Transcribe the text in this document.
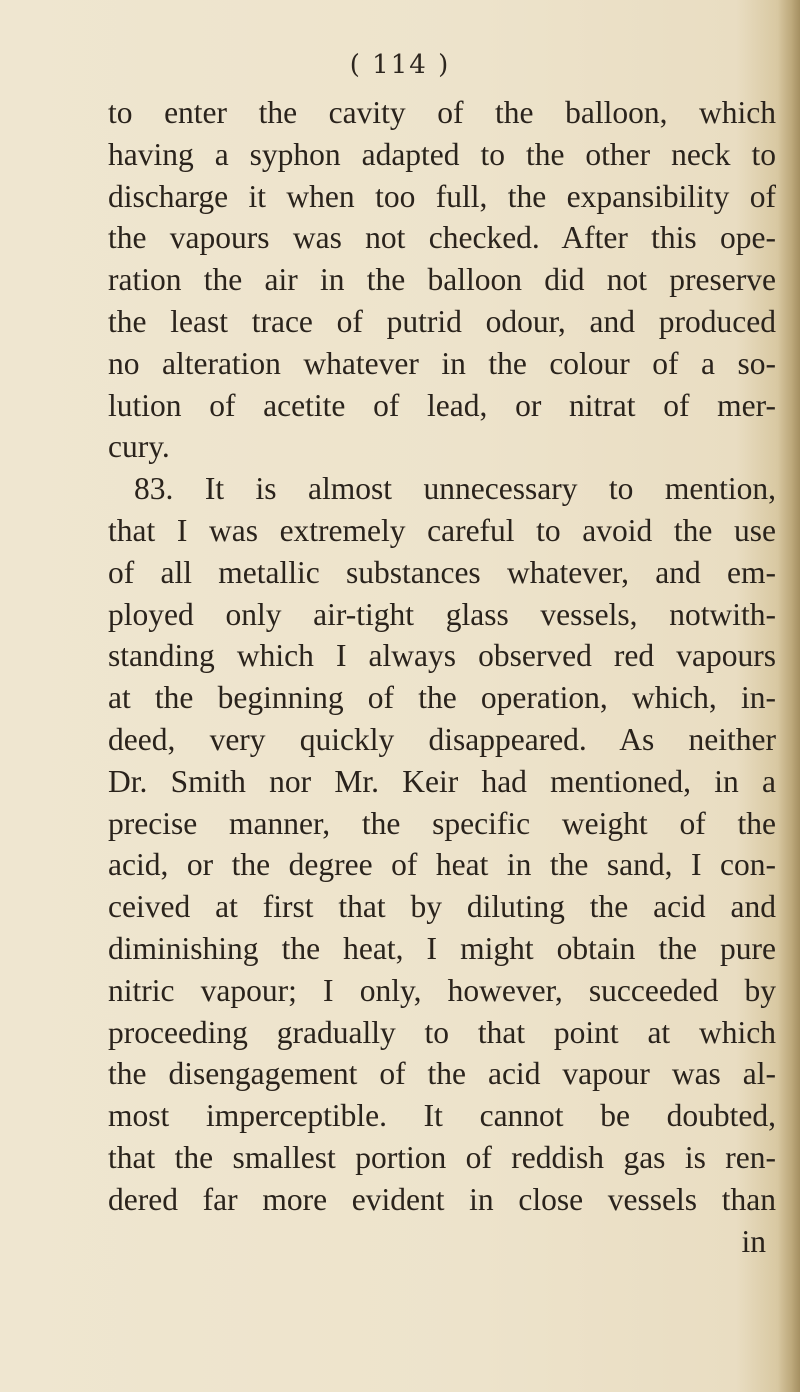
( 114 )
to enter the cavity of the balloon, which
having a syphon adapted to the other neck to
discharge it when too full, the expansibility of
the vapours was not checked. After this ope-
ration the air in the balloon did not preserve
the least trace of putrid odour, and produced
no alteration whatever in the colour of a so-
lution of acetite of lead, or nitrat of mer-
cury.
83. It is almost unnecessary to mention,
that I was extremely careful to avoid the use
of all metallic substances whatever, and em-
ployed only air-tight glass vessels, notwith-
standing which I always observed red vapours
at the beginning of the operation, which, in-
deed, very quickly disappeared. As neither
Dr. Smith nor Mr. Keir had mentioned, in a
precise manner, the specific weight of the
acid, or the degree of heat in the sand, I con-
ceived at first that by diluting the acid and
diminishing the heat, I might obtain the pure
nitric vapour; I only, however, succeeded by
proceeding gradually to that point at which
the disengagement of the acid vapour was al-
most imperceptible. It cannot be doubted,
that the smallest portion of reddish gas is ren-
dered far more evident in close vessels than
in
